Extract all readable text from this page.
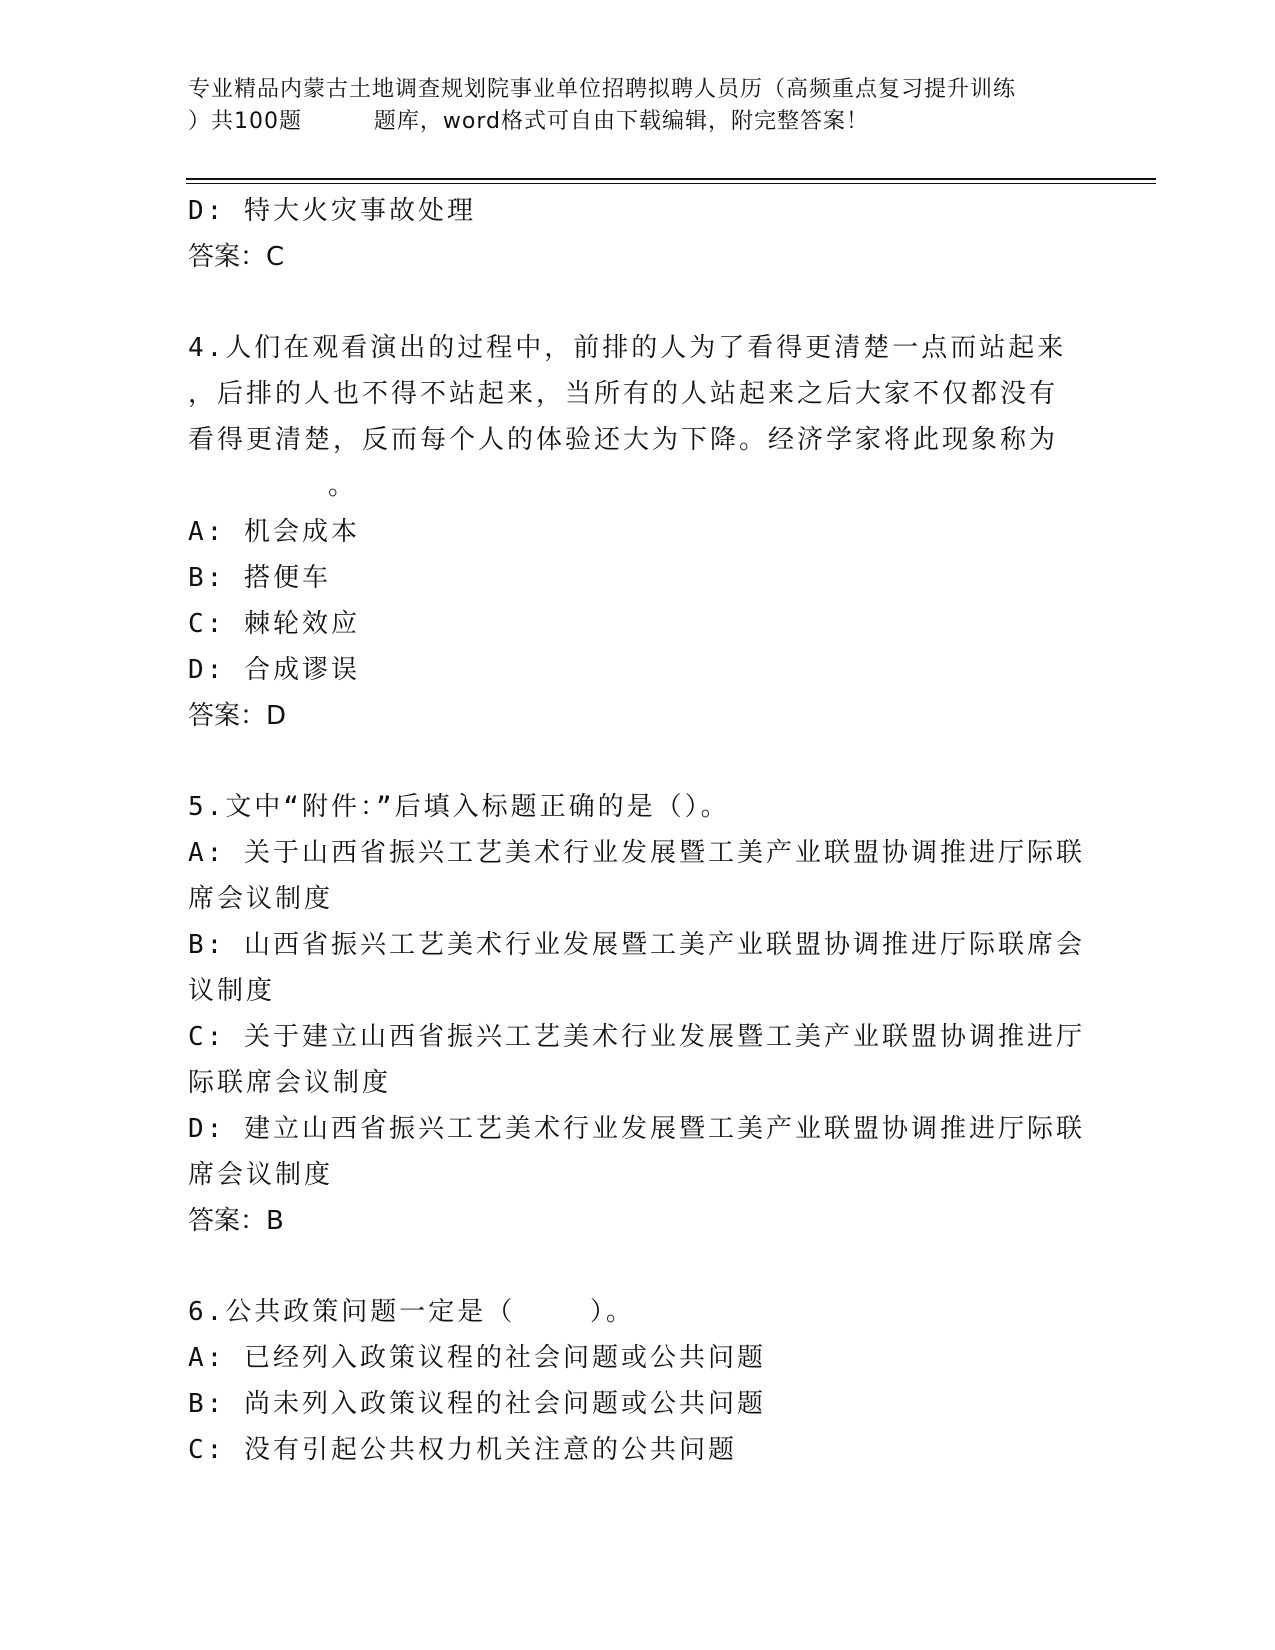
专业精品内蒙古土地调查规划院事业单位招聘拟聘人员历（高频重点复习提升训练
）共100题         题库，word格式可自由下载编辑，附完整答案！
D: 特大火灾事故处理
答案：C
4.人们在观看演出的过程中，前排的人为了看得更清楚一点而站起来
，后排的人也不得不站起来，当所有的人站起来之后大家不仅都没有
看得更清楚，反而每个人的体验还大为下降。经济学家将此现象称为
。
A: 机会成本
B: 搭便车
C: 棘轮效应
D: 合成谬误
答案：D
5.文中“附件：”后填入标题正确的是（）。
A: 关于山西省振兴工艺美术行业发展暨工美产业联盟协调推进厅际联
席会议制度
B: 山西省振兴工艺美术行业发展暨工美产业联盟协调推进厅际联席会
议制度
C: 关于建立山西省振兴工艺美术行业发展暨工美产业联盟协调推进厅
际联席会议制度
D: 建立山西省振兴工艺美术行业发展暨工美产业联盟协调推进厅际联
席会议制度
答案：B
6.公共政策问题一定是（    ）。
A: 已经列入政策议程的社会问题或公共问题
B: 尚未列入政策议程的社会问题或公共问题
C: 没有引起公共权力机关注意的公共问题
